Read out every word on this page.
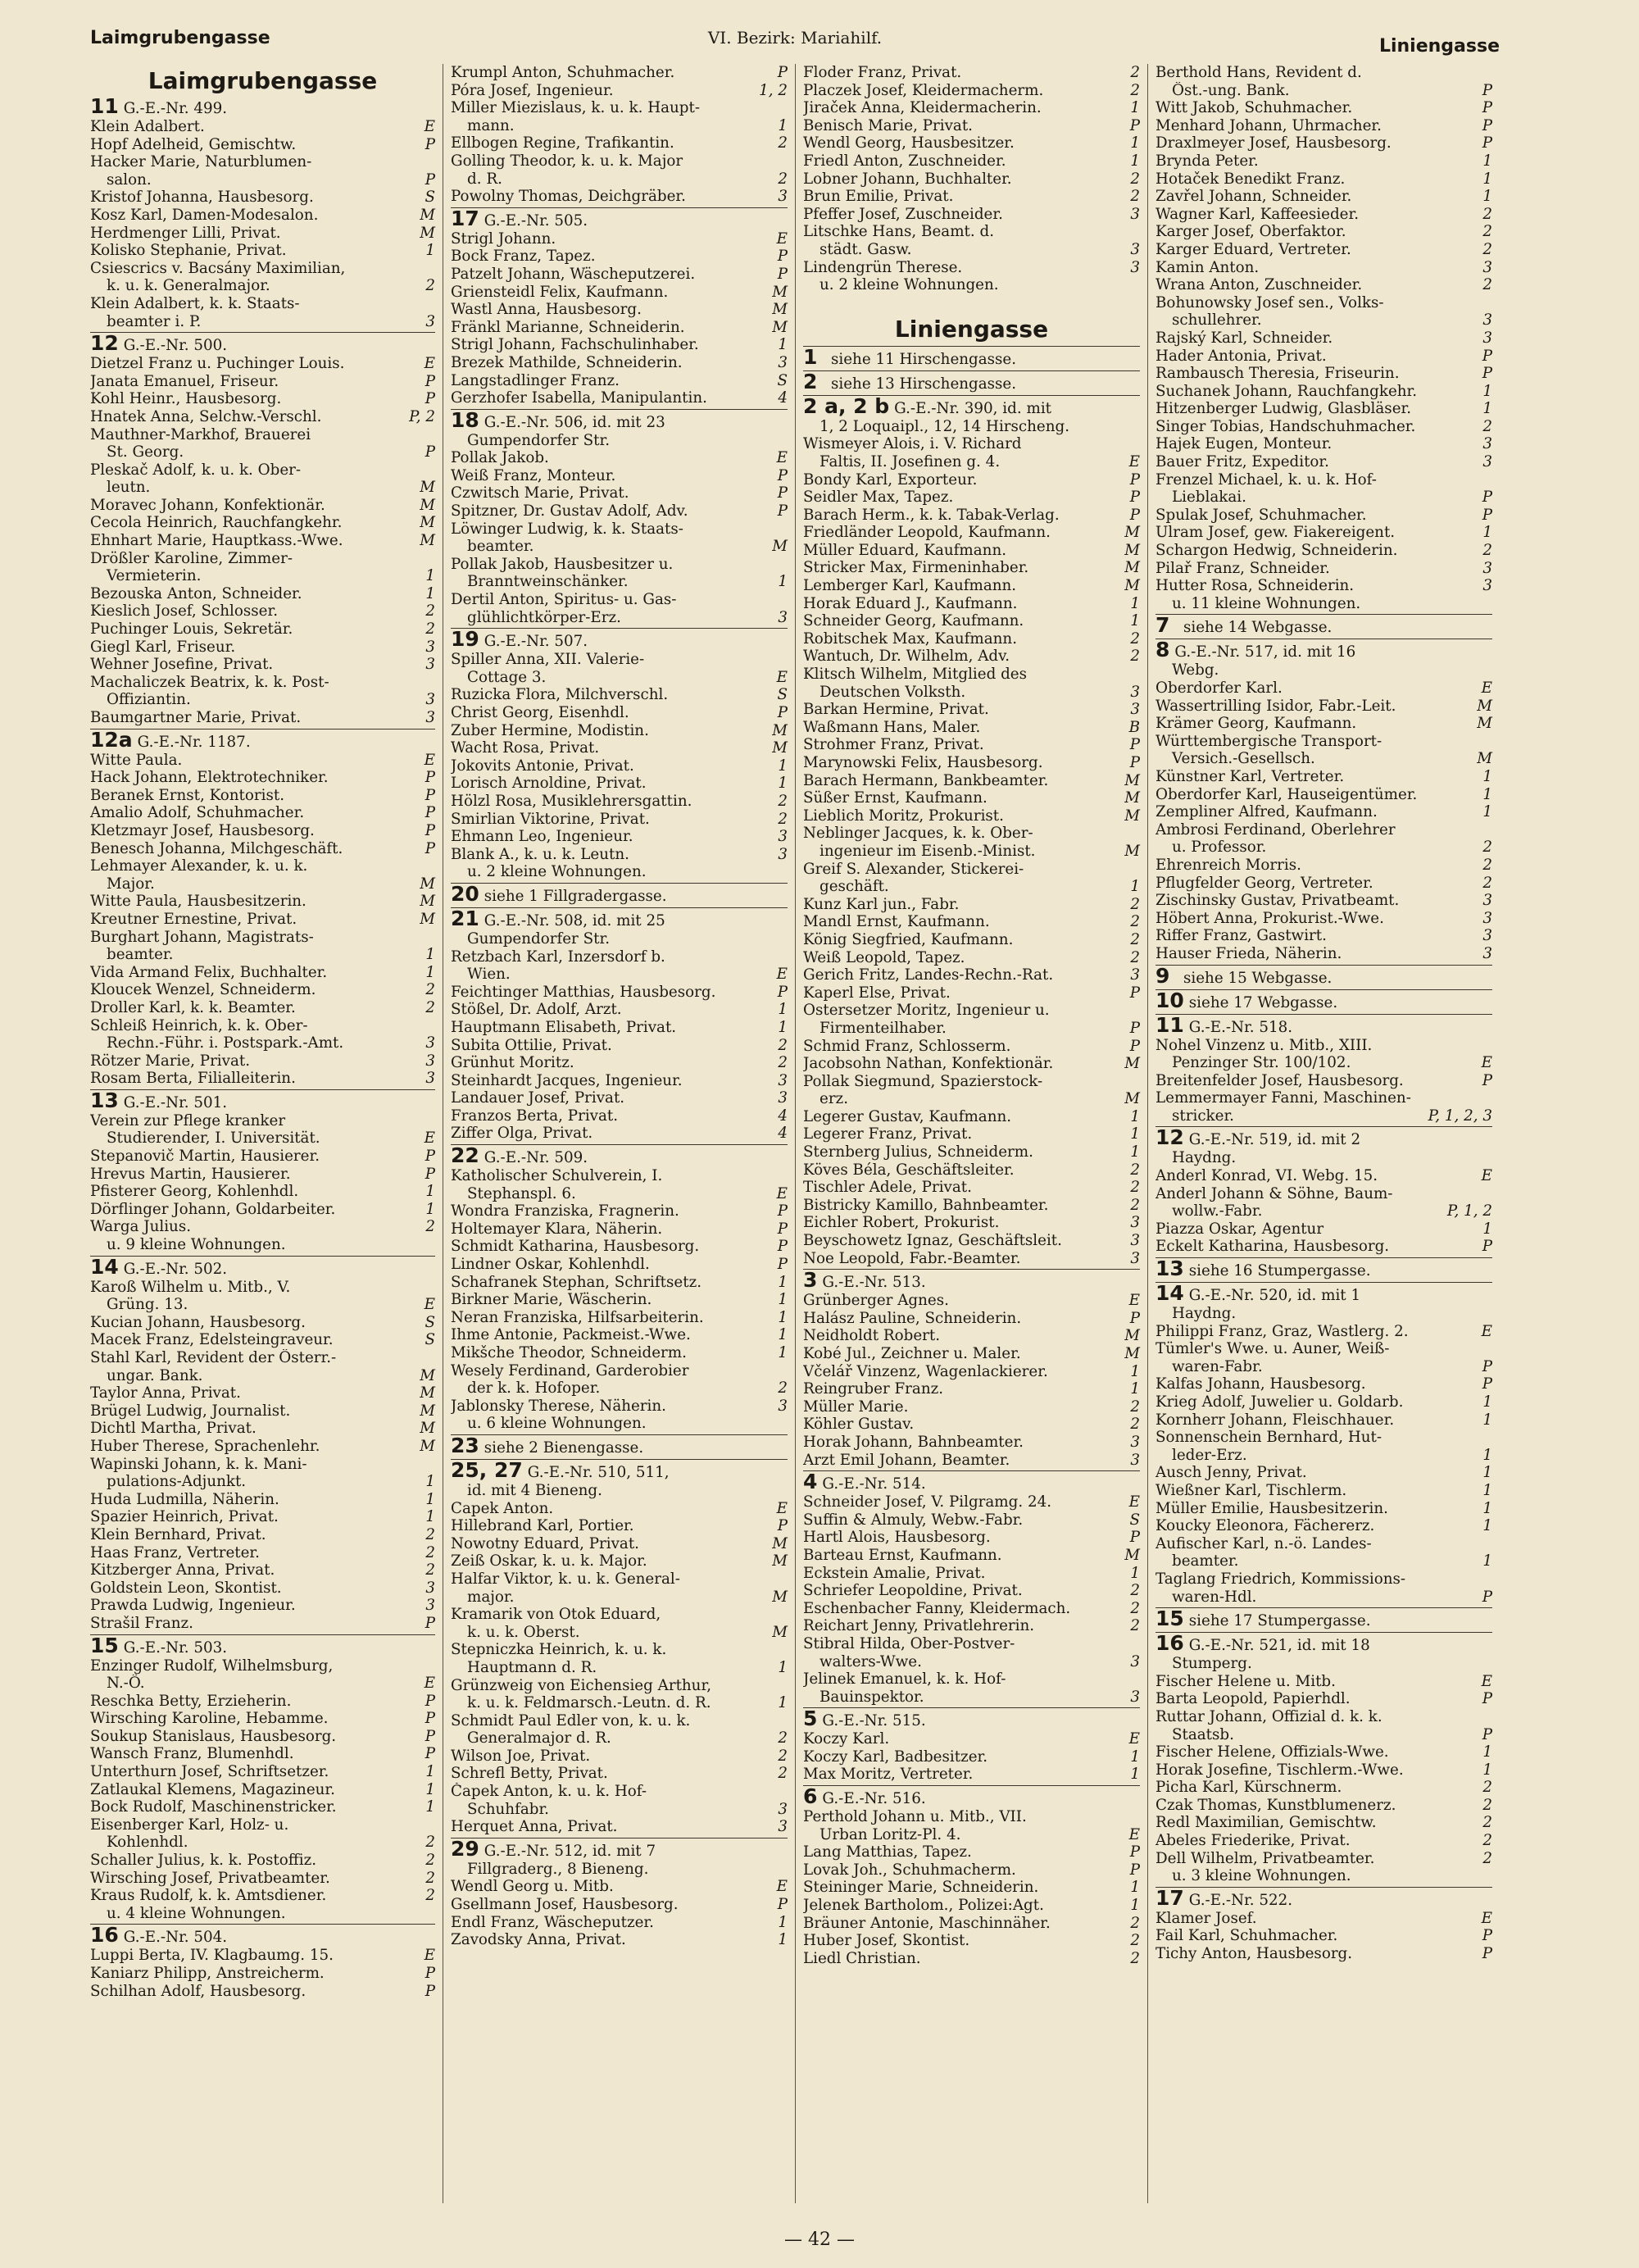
Laimgrubengasse	VI. Bezirk: Mariahilf.	Liniengasse
Laimgrubengasse
11 G.-E.-Nr. 499.
Klein Adalbert.	E
Hopf Adelheid, Gemischtw.	P
Hacker Marie, Naturblumen-
salon.	P
Kristof Johanna, Hausbesorg.	S
Kosz Karl, Damen-Modesalon.	M
Herdmenger Lilli, Privat.	M
Kolisko Stephanie, Privat.	1
Csiescrics v. Bacsány Maximilian,
k. u. k. Generalmajor.	2
Klein Adalbert, k. k. Staats-
beamter i. P.	3
12 G.-E.-Nr. 500.
Dietzel Franz u. Puchinger Louis.	E
Janata Emanuel, Friseur.	P
Kohl Heinr., Hausbesorg.	P
Hnatek Anna, Selchw.-Verschl.	P, 2
Mauthner-Markhof, Brauerei
St. Georg.	P
Pleskač Adolf, k. u. k. Ober-
leutn.	M
Moravec Johann, Konfektionär.	M
Cecola Heinrich, Rauchfangkehr.	M
Ehnhart Marie, Hauptkass.-Wwe.	M
Drößler Karoline, Zimmer-
Vermieterin.	1
Bezouska Anton, Schneider.	1
Kieslich Josef, Schlosser.	2
Puchinger Louis, Sekretär.	2
Giegl Karl, Friseur.	3
Wehner Josefine, Privat.	3
Machaliczek Beatrix, k. k. Post-
Offiziantin.	3
Baumgartner Marie, Privat.	3
12a G.-E.-Nr. 1187.
Witte Paula.	E
Hack Johann, Elektrotechniker.	P
Beranek Ernst, Kontorist.	P
Amalio Adolf, Schuhmacher.	P
Kletzmayr Josef, Hausbesorg.	P
Benesch Johanna, Milchgeschäft.	P
Lehmayer Alexander, k. u. k.
Major.	M
Witte Paula, Hausbesitzerin.	M
Kreutner Ernestine, Privat.	M
Burghart Johann, Magistrats-
beamter.	1
Vida Armand Felix, Buchhalter.	1
Kloucek Wenzel, Schneiderm.	2
Droller Karl, k. k. Beamter.	2
Schleiß Heinrich, k. k. Ober-
Rechn.-Führ. i. Postspark.-Amt.	3
Rötzer Marie, Privat.	3
Rosam Berta, Filialleiterin.	3
13 G.-E.-Nr. 501.
Verein zur Pflege kranker
Studierender, I. Universität.	E
Stepanovič Martin, Hausierer.	P
Hrevus Martin, Hausierer.	P
Pfisterer Georg, Kohlenhdl.	1
Dörflinger Johann, Goldarbeiter.	1
Warga Julius.	2
u. 9 kleine Wohnungen.
14 G.-E.-Nr. 502.
Karoß Wilhelm u. Mitb., V.
Grüng. 13.	E
Kucian Johann, Hausbesorg.	S
Macek Franz, Edelsteingraveur.	S
Stahl Karl, Revident der Österr.-
ungar. Bank.	M
Taylor Anna, Privat.	M
Brügel Ludwig, Journalist.	M
Dichtl Martha, Privat.	M
Huber Therese, Sprachenlehr.	M
Wapinski Johann, k. k. Mani-
pulations-Adjunkt.	1
Huda Ludmilla, Näherin.	1
Spazier Heinrich, Privat.	1
Klein Bernhard, Privat.	2
Haas Franz, Vertreter.	2
Kitzberger Anna, Privat.	2
Goldstein Leon, Skontist.	3
Prawda Ludwig, Ingenieur.	3
Strašil Franz.	P
15 G.-E.-Nr. 503.
Enzinger Rudolf, Wilhelmsburg,
N.-Ö.	E
Reschka Betty, Erzieherin.	P
Wirsching Karoline, Hebamme.	P
Soukup Stanislaus, Hausbesorg.	P
Wansch Franz, Blumenhdl.	P
Unterthurn Josef, Schriftsetzer.	1
Zatlaukal Klemens, Magazineur.	1
Bock Rudolf, Maschinenstricker.	1
Eisenberger Karl, Holz- u.
Kohlenhdl.	2
Schaller Julius, k. k. Postoffiz.	2
Wirsching Josef, Privatbeamter.	2
Kraus Rudolf, k. k. Amtsdiener.	2
u. 4 kleine Wohnungen.
16 G.-E.-Nr. 504.
Luppi Berta, IV. Klagbaumg. 15.	E
Kaniarz Philipp, Anstreicherm.	P
Schilhan Adolf, Hausbesorg.	P
Krumpl Anton, Schuhmacher.	P
Póra Josef, Ingenieur.	1, 2
Miller Miezislaus, k. u. k. Haupt-
mann.	1
Ellbogen Regine, Trafikantin.	2
Golling Theodor, k. u. k. Major
d. R.	2
Powolny Thomas, Deichgräber.	3
17 G.-E.-Nr. 505.
Strigl Johann.	E
Bock Franz, Tapez.	P
Patzelt Johann, Wäscheputzerei.	P
Griensteidl Felix, Kaufmann.	M
Wastl Anna, Hausbesorg.	M
Fränkl Marianne, Schneiderin.	M
Strigl Johann, Fachschulinhaber.	1
Brezek Mathilde, Schneiderin.	3
Langstadlinger Franz.	S
Gerzhofer Isabella, Manipulantin.	4
18 G.-E.-Nr. 506, id. mit 23
Gumpendorfer Str.
Pollak Jakob.	E
Weiß Franz, Monteur.	P
Czwitsch Marie, Privat.	P
Spitzner, Dr. Gustav Adolf, Adv.	P
Löwinger Ludwig, k. k. Staats-
beamter.	M
Pollak Jakob, Hausbesitzer u.
Branntweinschänker.	1
Dertil Anton, Spiritus- u. Gas-
glühlichtkörper-Erz.	3
19 G.-E.-Nr. 507.
Spiller Anna, XII. Valerie-
Cottage 3.	E
Ruzicka Flora, Milchverschl.	S
Christ Georg, Eisenhdl.	P
Zuber Hermine, Modistin.	M
Wacht Rosa, Privat.	M
Jokovits Antonie, Privat.	1
Lorisch Arnoldine, Privat.	1
Hölzl Rosa, Musiklehrersgattin.	2
Smirlian Viktorine, Privat.	2
Ehmann Leo, Ingenieur.	3
Blank A., k. u. k. Leutn.	3
u. 2 kleine Wohnungen.
20 siehe 1 Fillgradergasse.
21 G.-E.-Nr. 508, id. mit 25
Gumpendorfer Str.
Retzbach Karl, Inzersdorf b.
Wien.	E
Feichtinger Matthias, Hausbesorg.	P
Stößel, Dr. Adolf, Arzt.	1
Hauptmann Elisabeth, Privat.	1
Subita Ottilie, Privat.	2
Grünhut Moritz.	2
Steinhardt Jacques, Ingenieur.	3
Landauer Josef, Privat.	3
Franzos Berta, Privat.	4
Ziffer Olga, Privat.	4
22 G.-E.-Nr. 509.
Katholischer Schulverein, I.
Stephanspl. 6.	E
Wondra Franziska, Fragnerin.	P
Holtemayer Klara, Näherin.	P
Schmidt Katharina, Hausbesorg.	P
Lindner Oskar, Kohlenhdl.	P
Schafranek Stephan, Schriftsetz.	1
Birkner Marie, Wäscherin.	1
Neran Franziska, Hilfsarbeiterin.	1
Ihme Antonie, Packmeist.-Wwe.	1
Mikšche Theodor, Schneiderm.	1
Wesely Ferdinand, Garderobier
der k. k. Hofoper.	2
Jablonsky Therese, Näherin.	3
u. 6 kleine Wohnungen.
23 siehe 2 Bienengasse.
25, 27 G.-E.-Nr. 510, 511,
id. mit 4 Bieneng.
Capek Anton.	E
Hillebrand Karl, Portier.	P
Nowotny Eduard, Privat.	M
Zeiß Oskar, k. u. k. Major.	M
Halfar Viktor, k. u. k. General-
major.	M
Kramarik von Otok Eduard,
k. u. k. Oberst.	M
Stepniczka Heinrich, k. u. k.
Hauptmann d. R.	1
Grünzweig von Eichensieg Arthur,
k. u. k. Feldmarsch.-Leutn. d. R.	1
Schmidt Paul Edler von, k. u. k.
Generalmajor d. R.	2
Wilson Joe, Privat.	2
Schrefl Betty, Privat.	2
Čapek Anton, k. u. k. Hof-
Schuhfabr.	3
Herquet Anna, Privat.	3
29 G.-E.-Nr. 512, id. mit 7
Fillgraderg., 8 Bieneng.
Wendl Georg u. Mitb.	E
Gsellmann Josef, Hausbesorg.	P
Endl Franz, Wäscheputzer.	1
Zavodsky Anna, Privat.	1
Floder Franz, Privat.	2
Placzek Josef, Kleidermacherm.	2
Jiraček Anna, Kleidermacherin.	1
Benisch Marie, Privat.	P
Wendl Georg, Hausbesitzer.	1
Friedl Anton, Zuschneider.	1
Lobner Johann, Buchhalter.	2
Brun Emilie, Privat.	2
Pfeffer Josef, Zuschneider.	3
Litschke Hans, Beamt. d.
städt. Gasw.	3
Lindengrün Therese.	3
u. 2 kleine Wohnungen.
Liniengasse
1 siehe 11 Hirschengasse.
2 siehe 13 Hirschengasse.
2 a, 2 b G.-E.-Nr. 390, id. mit
1, 2 Loquaipl., 12, 14 Hirscheng.
Wismeyer Alois, i. V. Richard
Faltis, II. Josefinen g. 4.	E
Bondy Karl, Exporteur.	P
Seidler Max, Tapez.	P
Barach Herm., k. k. Tabak-Verlag.	P
Friedländer Leopold, Kaufmann.	M
Müller Eduard, Kaufmann.	M
Stricker Max, Firmeninhaber.	M
Lemberger Karl, Kaufmann.	M
Horak Eduard J., Kaufmann.	1
Schneider Georg, Kaufmann.	1
Robitschek Max, Kaufmann.	2
Wantuch, Dr. Wilhelm, Adv.	2
Klitsch Wilhelm, Mitglied des
Deutschen Volksth.	3
Barkan Hermine, Privat.	3
Waßmann Hans, Maler.	B
Strohmer Franz, Privat.	P
Marynowski Felix, Hausbesorg.	P
Barach Hermann, Bankbeamter.	M
Süßer Ernst, Kaufmann.	M
Lieblich Moritz, Prokurist.	M
Neblinger Jacques, k. k. Ober-
ingenieur im Eisenb.-Minist.	M
Greif S. Alexander, Stickerei-
geschäft.	1
Kunz Karl jun., Fabr.	2
Mandl Ernst, Kaufmann.	2
König Siegfried, Kaufmann.	2
Weiß Leopold, Tapez.	2
Gerich Fritz, Landes-Rechn.-Rat.	3
Kaperl Else, Privat.	P
Ostersetzer Moritz, Ingenieur u.
Firmenteilhaber.	P
Schmid Franz, Schlosserm.	P
Jacobsohn Nathan, Konfektionär.	M
Pollak Siegmund, Spazierstock-
erz.	M
Legerer Gustav, Kaufmann.	1
Legerer Franz, Privat.	1
Sternberg Julius, Schneiderm.	1
Köves Béla, Geschäftsleiter.	2
Tischler Adele, Privat.	2
Bistricky Kamillo, Bahnbeamter.	2
Eichler Robert, Prokurist.	3
Beyschowetz Ignaz, Geschäftsleit.	3
Noe Leopold, Fabr.-Beamter.	3
3 G.-E.-Nr. 513.
Grünberger Agnes.	E
Halász Pauline, Schneiderin.	P
Neidholdt Robert.	M
Kobé Jul., Zeichner u. Maler.	M
Včelář Vinzenz, Wagenlackierer.	1
Reingruber Franz.	1
Müller Marie.	2
Köhler Gustav.	2
Horak Johann, Bahnbeamter.	3
Arzt Emil Johann, Beamter.	3
4 G.-E.-Nr. 514.
Schneider Josef, V. Pilgramg. 24.	E
Suffin & Almuly, Webw.-Fabr.	S
Hartl Alois, Hausbesorg.	P
Barteau Ernst, Kaufmann.	M
Eckstein Amalie, Privat.	1
Schriefer Leopoldine, Privat.	2
Eschenbacher Fanny, Kleidermach.	2
Reichart Jenny, Privatlehrerin.	2
Stibral Hilda, Ober-Postver-
walters-Wwe.	3
Jelinek Emanuel, k. k. Hof-
Bauinspektor.	3
5 G.-E.-Nr. 515.
Koczy Karl.	E
Koczy Karl, Badbesitzer.	1
Max Moritz, Vertreter.	1
6 G.-E.-Nr. 516.
Perthold Johann u. Mitb., VII.
Urban Loritz-Pl. 4.	E
Lang Matthias, Tapez.	P
Lovak Joh., Schuhmacherm.	P
Steininger Marie, Schneiderin.	1
Jelenek Bartholom., Polizei:Agt.	1
Bräuner Antonie, Maschinnäher.	2
Huber Josef, Skontist.	2
Liedl Christian.	2
Berthold Hans, Revident d.
Öst.-ung. Bank.	P
Witt Jakob, Schuhmacher.	P
Menhard Johann, Uhrmacher.	P
Draxlmeyer Josef, Hausbesorg.	P
Brynda Peter.	1
Hotaček Benedikt Franz.	1
Zavřel Johann, Schneider.	1
Wagner Karl, Kaffeesieder.	2
Karger Josef, Oberfaktor.	2
Karger Eduard, Vertreter.	2
Kamin Anton.	3
Wrana Anton, Zuschneider.	2
Bohunowsky Josef sen., Volks-
schullehrer.	3
Rajský Karl, Schneider.	3
Hader Antonia, Privat.	P
Rambausch Theresia, Friseurin.	P
Suchanek Johann, Rauchfangkehr.	1
Hitzenberger Ludwig, Glasbläser.	1
Singer Tobias, Handschuhmacher.	2
Hajek Eugen, Monteur.	3
Bauer Fritz, Expeditor.	3
Frenzel Michael, k. u. k. Hof-
Lieblakai.	P
Spulak Josef, Schuhmacher.	P
Ulram Josef, gew. Fiakereigent.	1
Schargon Hedwig, Schneiderin.	2
Pilař Franz, Schneider.	3
Hutter Rosa, Schneiderin.	3
u. 11 kleine Wohnungen.
7 siehe 14 Webgasse.
8 G.-E.-Nr. 517, id. mit 16
Webg.
Oberdorfer Karl.	E
Wassertrilling Isidor, Fabr.-Leit.	M
Krämer Georg, Kaufmann.	M
Württembergische Transport-
Versich.-Gesellsch.	M
Künstner Karl, Vertreter.	1
Oberdorfer Karl, Hauseigentümer.	1
Zempliner Alfred, Kaufmann.	1
Ambrosi Ferdinand, Oberlehrer
u. Professor.	2
Ehrenreich Morris.	2
Pflugfelder Georg, Vertreter.	2
Zischinsky Gustav, Privatbeamt.	3
Höbert Anna, Prokurist.-Wwe.	3
Riffer Franz, Gastwirt.	3
Hauser Frieda, Näherin.	3
9 siehe 15 Webgasse.
10 siehe 17 Webgasse.
11 G.-E.-Nr. 518.
Nohel Vinzenz u. Mitb., XIII.
Penzinger Str. 100/102.	E
Breitenfelder Josef, Hausbesorg.	P
Lemmermayer Fanni, Maschinen-
stricker.	P, 1, 2, 3
12 G.-E.-Nr. 519, id. mit 2
Haydng.
Anderl Konrad, VI. Webg. 15.	E
Anderl Johann & Söhne, Baum-
wollw.-Fabr.	P, 1, 2
Piazza Oskar, Agentur	1
Eckelt Katharina, Hausbesorg.	P
13 siehe 16 Stumpergasse.
14 G.-E.-Nr. 520, id. mit 1
Haydng.
Philippi Franz, Graz, Wastlerg. 2.	E
Tümler's Wwe. u. Auner, Weiß-
waren-Fabr.	P
Kalfas Johann, Hausbesorg.	P
Krieg Adolf, Juwelier u. Goldarb.	1
Kornherr Johann, Fleischhauer.	1
Sonnenschein Bernhard, Hut-
leder-Erz.	1
Ausch Jenny, Privat.	1
Wießner Karl, Tischlerm.	1
Müller Emilie, Hausbesitzerin.	1
Koucky Eleonora, Fächererz.	1
Aufischer Karl, n.-ö. Landes-
beamter.	1
Taglang Friedrich, Kommissions-
waren-Hdl.	P
15 siehe 17 Stumpergasse.
16 G.-E.-Nr. 521, id. mit 18
Stumperg.
Fischer Helene u. Mitb.	E
Barta Leopold, Papierhdl.	P
Ruttar Johann, Offizial d. k. k.
Staatsb.	P
Fischer Helene, Offizials-Wwe.	1
Horak Josefine, Tischlerm.-Wwe.	1
Picha Karl, Kürschnerm.	2
Czak Thomas, Kunstblumenerz.	2
Redl Maximilian, Gemischtw.	2
Abeles Friederike, Privat.	2
Dell Wilhelm, Privatbeamter.	2
u. 3 kleine Wohnungen.
17 G.-E.-Nr. 522.
Klamer Josef.	E
Fail Karl, Schuhmacher.	P
Tichy Anton, Hausbesorg.	P
— 42 —
